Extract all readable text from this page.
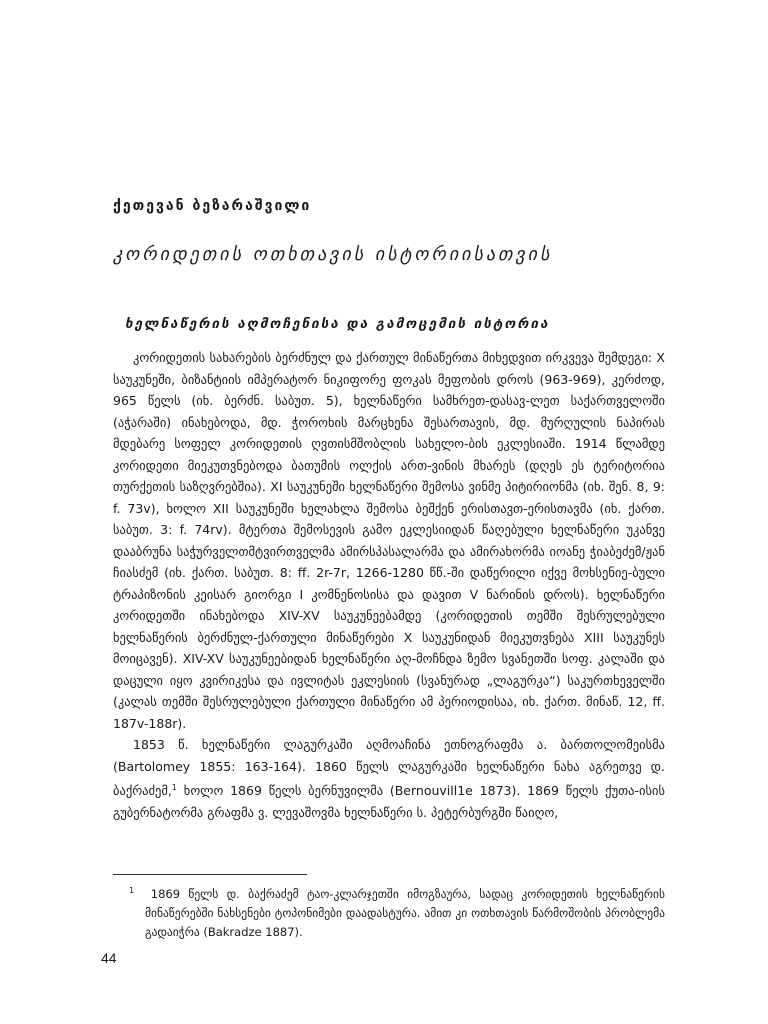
ქეთევან ბეზარაშვილი
კორიდეთის ოთხთავის ისტორიისათვის
ხელნაწერის აღმოჩენისა და გამოცემის ისტორია

კორიდეთის სახარების ბერძნულ და ქართულ მინაწერთა მიხედვით ირკვევა შემდეგი: X საუკუნეში, ბიზანტიის იმპერატორ ნიკიფორე ფოკას მეფობის დროს (963-969), კერძოდ, 965 წელს (იხ. ბერძნ. საბუთ. 5), ხელნაწერი სამხრეთ-დასავ-ლეთ საქართველოში (აჭარაში) ინახებოდა, მდ. ჭოროხის მარცხენა შესართავის, მდ. მურღულის ნაპირას მდებარე სოფელ კორიდეთის ღვთისმშობლის სახელო-ბის ეკლესიაში. 1914 წლამდე კორიდეთი მიეკუთვნებოდა ბათუმის ოლქის ართ-ვინის მხარეს (დღეს ეს ტერიტორია თურქეთის საზღვრებშია). XI საუკუნეში ხელნაწერი შემოსა ვინმე პიტირიონმა (იხ. შენ. 8, 9: f. 73v), ხოლო XII საუკუნეში ხელახლა შემოსა ბეშქენ ერისთავთ-ერისთავმა (იხ. ქართ. საბუთ. 3: f. 74rv). მტერთა შემოსევის გამო ეკლესიიდან წაღებული ხელნაწერი უკანვე დააბრუნა საჭურველთმტვირთველმა ამირსპასალარმა და ამირახორმა იოანე ჭიაბეძემ/ჟან ჩიასძემ (იხ. ქართ. საბუთ. 8: ff. 2r-7r, 1266-1280 წწ.-ში დაწერილი იქვე მოხსენიე-ბული ტრაპიზონის კეისარ გიორგი I კომნენოსისა და დავით V ნარინის დროს). ხელნაწერი კორიდეთში ინახებოდა XIV-XV საუკუნეებამდე (კორიდეთის თემში შესრულებული ხელნაწერის ბერძნულ-ქართული მინაწერები X საუკუნიდან მიეკუთვნება XIII საუკუნეს მოიცავენ). XIV-XV საუკუნეებიდან ხელნაწერი აღ-მოჩნდა ზემო სვანეთში სოფ. კალაში და დაცული იყო კვირიკესა და ივლიტას ეკლესიის (სვანურად „ლაგურკა“) საკურთხეველში (კალას თემში შესრულებული ქართული მინაწერი ამ პერიოდისაა, იხ. ქართ. მინაწ. 12, ff. 187v-188r).

1853 წ. ხელნაწერი ლაგურკაში აღმოაჩინა ეთნოგრაფმა ა. ბართოლომეისმა (Bartolomey 1855: 163-164). 1860 წელს ლაგურკაში ხელნაწერი ნახა აგრეთვე დ. ბაქრაძემ,$^1$ ხოლო 1869 წელს ბერნუვილმა (Bernouvill1e 1873). 1869 წელს ქუთა-ისის გუბერნატორმა გრაფმა ვ. ლევაშოვმა ხელნაწერი ს. პეტერბურგში წაიღო,

$^1$ 1869 წელს დ. ბაქრაძემ ტაო-კლარჯეთში იმოგზაურა, სადაც კორიდეთის ხელნაწერის მინაწერებში ნახსენები ტოპონიმები დაადასტურა. ამით კი ოთხთავის წარმოშობის პრობლემა გადაიჭრა (Bakradze 1887).

44
